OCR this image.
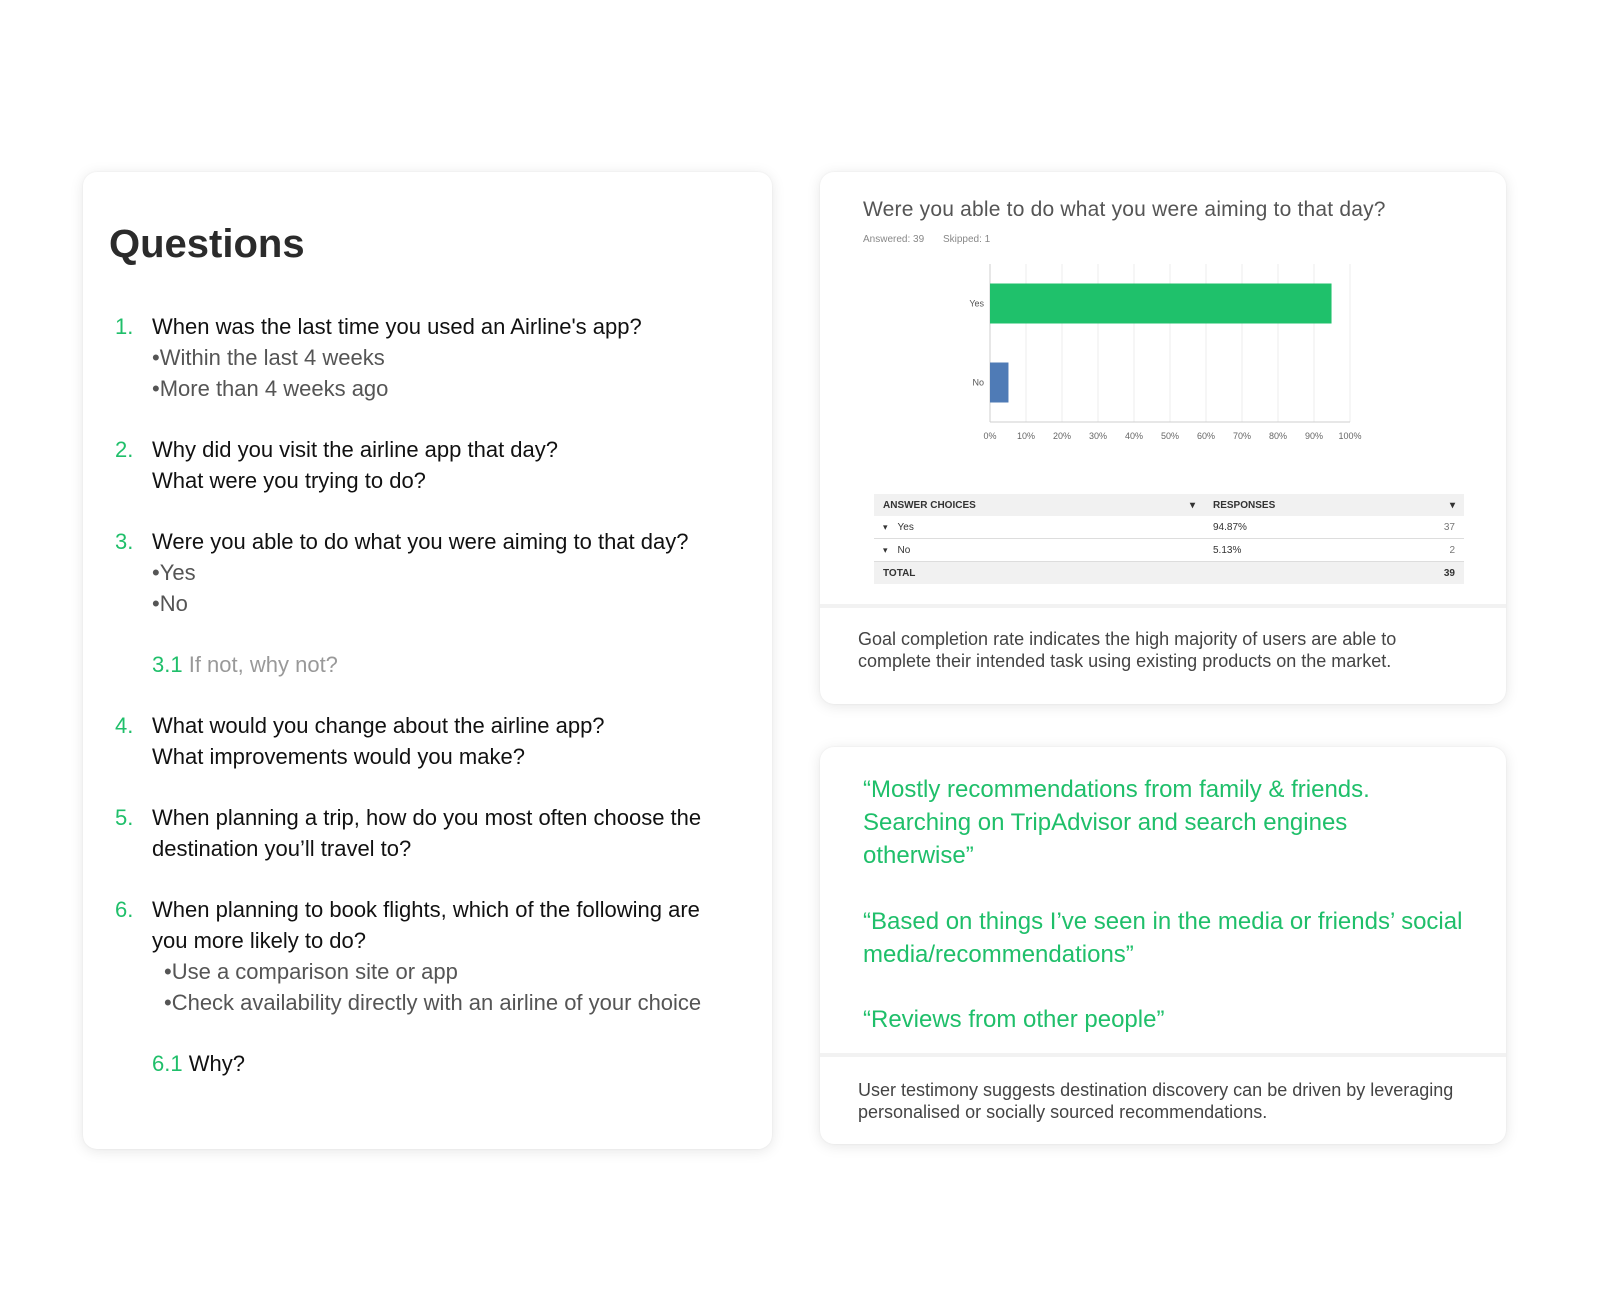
Questions
1. When was the last time you used an Airline's app?
• Within the last 4 weeks
• More than 4 weeks ago
2. Why did you visit the airline app that day?
What were you trying to do?
3. Were you able to do what you were aiming to that day?
• Yes
• No
3.1 If not, why not?
4. What would you change about the airline app?
What improvements would you make?
5. When planning a trip, how do you most often choose the
destination you’ll travel to?
6. When planning to book flights, which of the following are
you more likely to do?
• Use a comparison site or app
• Check availability directly with an airline of your choice
6.1 Why?
Were you able to do what you were aiming to that day?
Answered: 39 Skipped: 1
0% 10% 20% 30% 40% 50% 60% 70% 80% 90% 100%
Yes
No
ANSWER CHOICES ▾	RESPONSES ▾	

▾ Yes	94.87%	37
▾ No	5.13%	2
TOTAL		39
Goal completion rate indicates the high majority of users are able to complete their intended task using existing products on the market.
“Mostly recommendations from family & friends. Searching on TripAdvisor and search engines otherwise”
“Based on things I’ve seen in the media or friends’ social media/recommendations”
“Reviews from other people”
User testimony suggests destination discovery can be driven by leveraging personalised or socially sourced recommendations.
